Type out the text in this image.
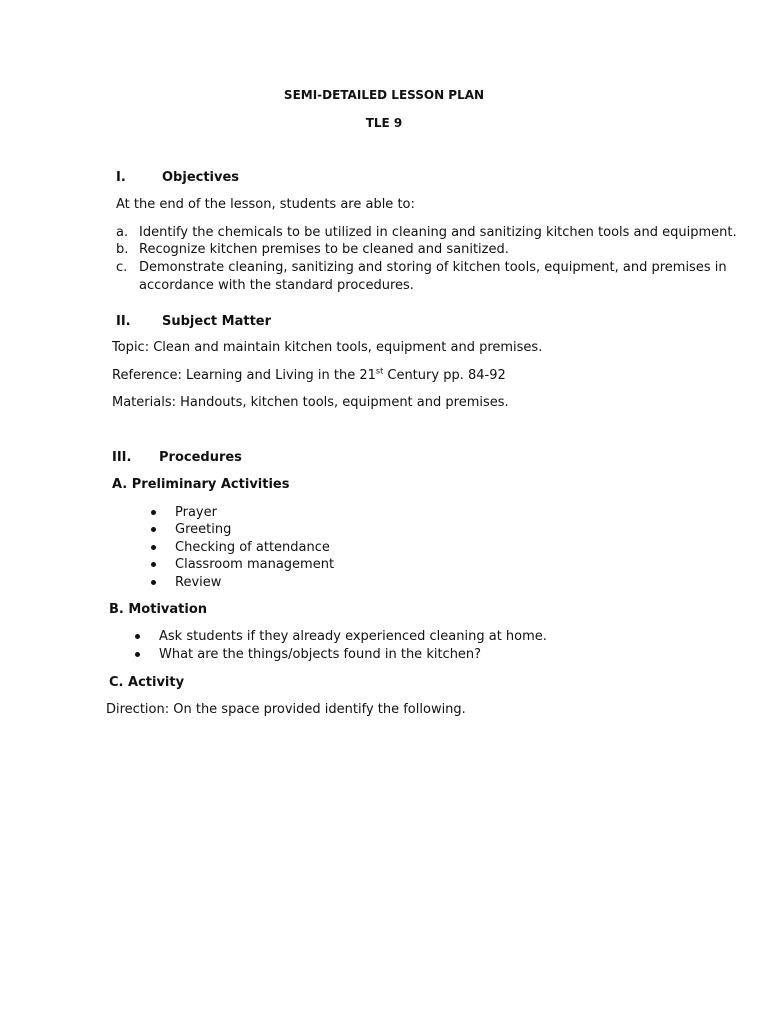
SEMI-DETAILED LESSON PLAN
TLE 9
I.	Objectives
At the end of the lesson, students are able to:
a. Identify the chemicals to be utilized in cleaning and sanitizing kitchen tools and equipment.
b. Recognize kitchen premises to be cleaned and sanitized.
c. Demonstrate cleaning, sanitizing and storing of kitchen tools, equipment, and premises in
accordance with the standard procedures.
II. Subject Matter
Topic: Clean and maintain kitchen tools, equipment and premises.
Reference: Learning and Living in the 21st Century pp. 84-92
Materials: Handouts, kitchen tools, equipment and premises.
III. Procedures
A. Preliminary Activities
Prayer
Greeting
Checking of attendance
Classroom management
Review
B. Motivation
Ask students if they already experienced cleaning at home.
What are the things/objects found in the kitchen?
C. Activity
Direction: On the space provided identify the following.
